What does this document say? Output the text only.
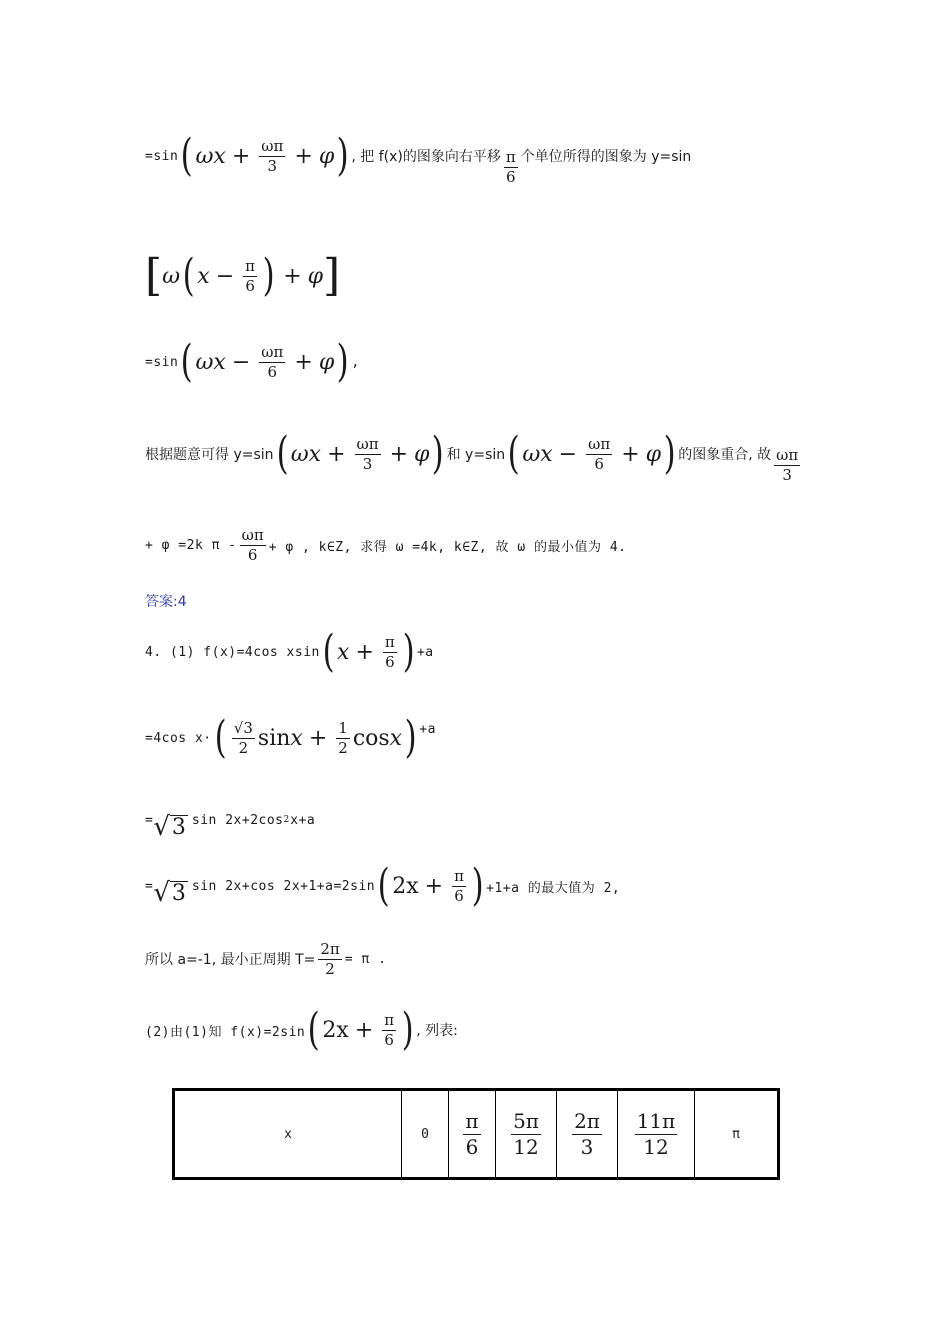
=sin ( $\omega x + \frac{\omega\pi}{3} + \varphi$ ) , 把 f(x)的图象向右平移 $\frac{\pi}{6}$ 个单位所得的图象为 y=sin
[ ω ( $x - \frac{\pi}{6}$ ) + φ ]
=sin ( $\omega x - \frac{\omega\pi}{6} + \varphi$ ) ,
根据题意可得 y=sin ( $\omega x + \frac{\omega\pi}{3} + \varphi$ ) 和 y=sin ( $\omega x - \frac{\omega\pi}{6} + \varphi$ ) 的图象重合, 故 $\frac{\omega\pi}{3}$
+ φ =2k $\pi - \frac{\omega\pi}{6} + \varphi$ , k∈Z, 求得 ω =4k, k∈Z, 故 ω 的最小值为 4.
答案:4
4. (1) f(x)=4cos xsin ( $x + \frac{\pi}{6}$ ) +a
=4cos x· ( $\frac{√3}{2}$ $\sin x + \frac{1}{2}$ cos x ) +a
= √ 3 sin 2x+2cos 2 x+a
= √ 3 sin 2x+cos 2x+1+a=2sin ( $2x + \frac{\pi}{6}$ ) +1+a 的最大值为 2,
所以 a=-1, 最小正周期 $T= \frac{2\pi}{2} = \pi$ .
(2)由(1)知 f(x)=2sin ( $2x + \frac{\pi}{6}$ ) , 列表:
x	0	$\frac{\pi}{6}$	$\frac{5\pi}{12}$	$\frac{2\pi}{3}$	$\frac{11\pi}{12}$	π
